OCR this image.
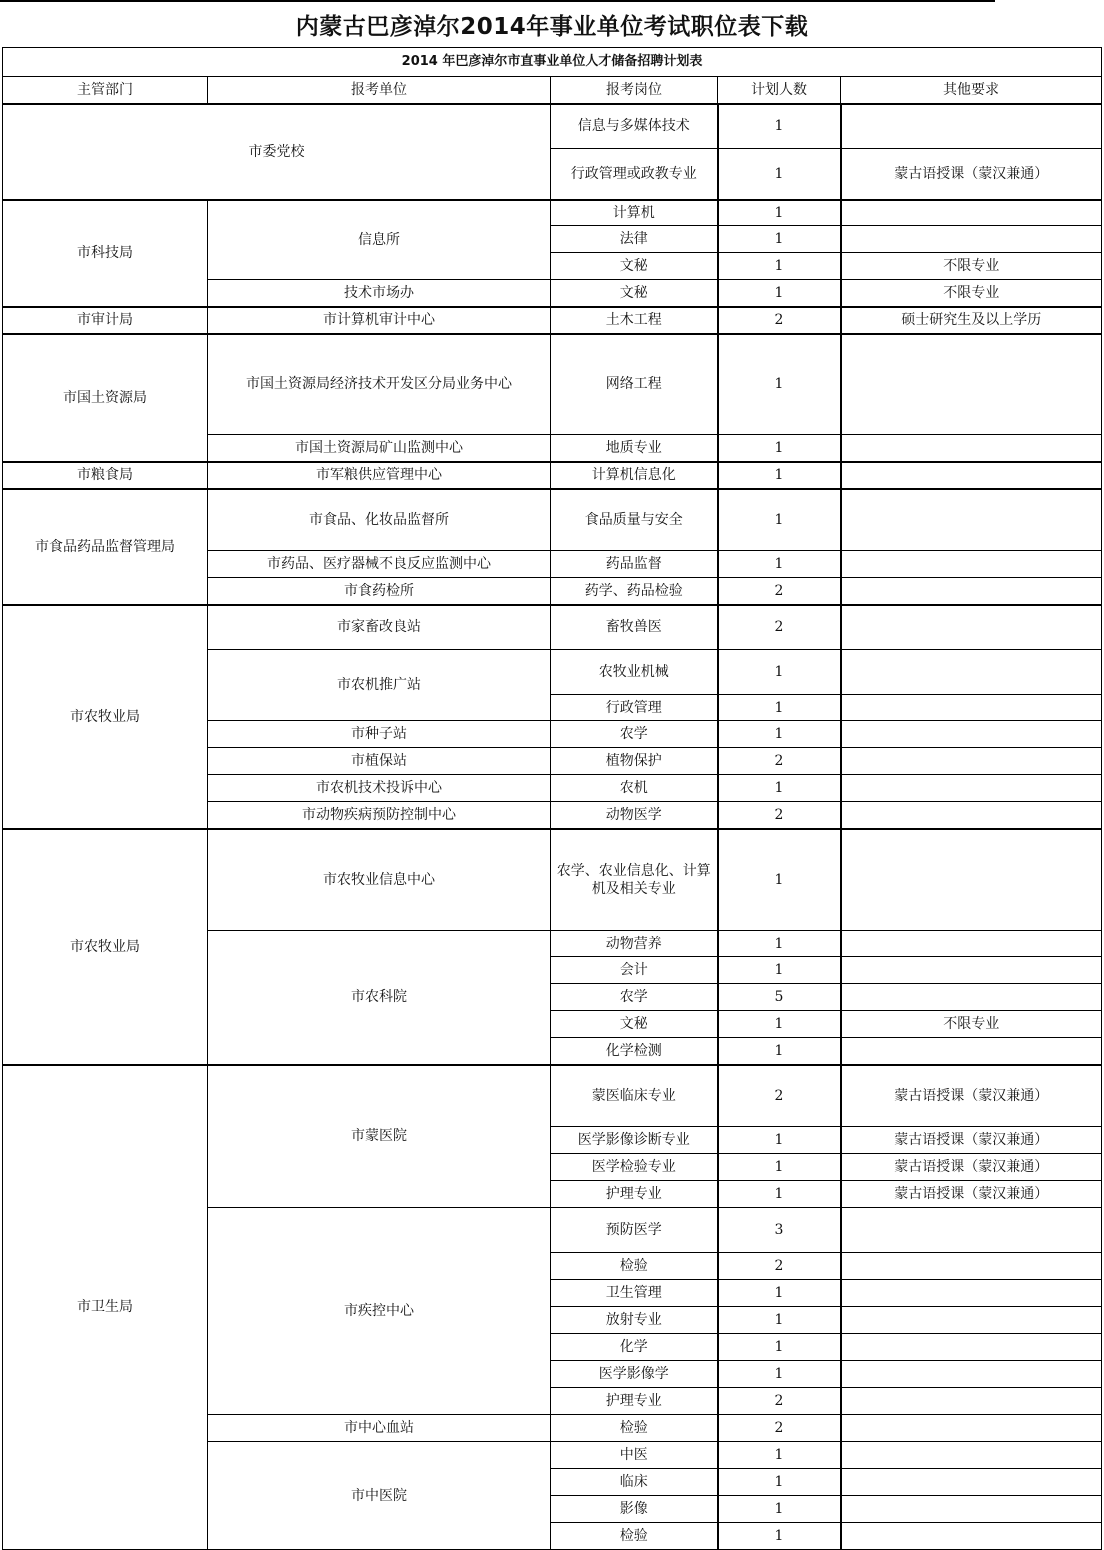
内蒙古巴彦淖尔2014年事业单位考试职位表下载
2014 年巴彦淖尔市直事业单位人才储备招聘计划表				
主管部门	报考单位	报考岗位	计划人数	其他要求
市委党校		信息与多媒体技术	1	
		行政管理或政教专业	1	蒙古语授课（蒙汉兼通）
市科技局	信息所	计算机	1	
		法律	1	
		文秘	1	不限专业
	技术市场办	文秘	1	不限专业
市审计局	市计算机审计中心	土木工程	2	硕士研究生及以上学历
市国土资源局	市国土资源局经济技术开发区分局业务中心	网络工程	1	
	市国土资源局矿山监测中心	地质专业	1	
市粮食局	市军粮供应管理中心	计算机信息化	1	
市食品药品监督管理局	市食品、化妆品监督所	食品质量与安全	1	
	市药品、医疗器械不良反应监测中心	药品监督	1	
	市食药检所	药学、药品检验	2	
市农牧业局	市家畜改良站	畜牧兽医	2	
	市农机推广站	农牧业机械	1	
		行政管理	1	
	市种子站	农学	1	
	市植保站	植物保护	2	
	市农机技术投诉中心	农机	1	
	市动物疾病预防控制中心	动物医学	2	
市农牧业局	市农牧业信息中心	农学、农业信息化、计算机及相关专业	1	
	市农科院	动物营养	1	
		会计	1	
		农学	5	
		文秘	1	不限专业
		化学检测	1	
市卫生局	市蒙医院	蒙医临床专业	2	蒙古语授课（蒙汉兼通）
		医学影像诊断专业	1	蒙古语授课（蒙汉兼通）
		医学检验专业	1	蒙古语授课（蒙汉兼通）
		护理专业	1	蒙古语授课（蒙汉兼通）
	市疾控中心	预防医学	3	
		检验	2	
		卫生管理	1	
		放射专业	1	
		化学	1	
		医学影像学	1	
		护理专业	2	
	市中心血站	检验	2	
	市中医院	中医	1	
		临床	1	
		影像	1	
		检验	1	
